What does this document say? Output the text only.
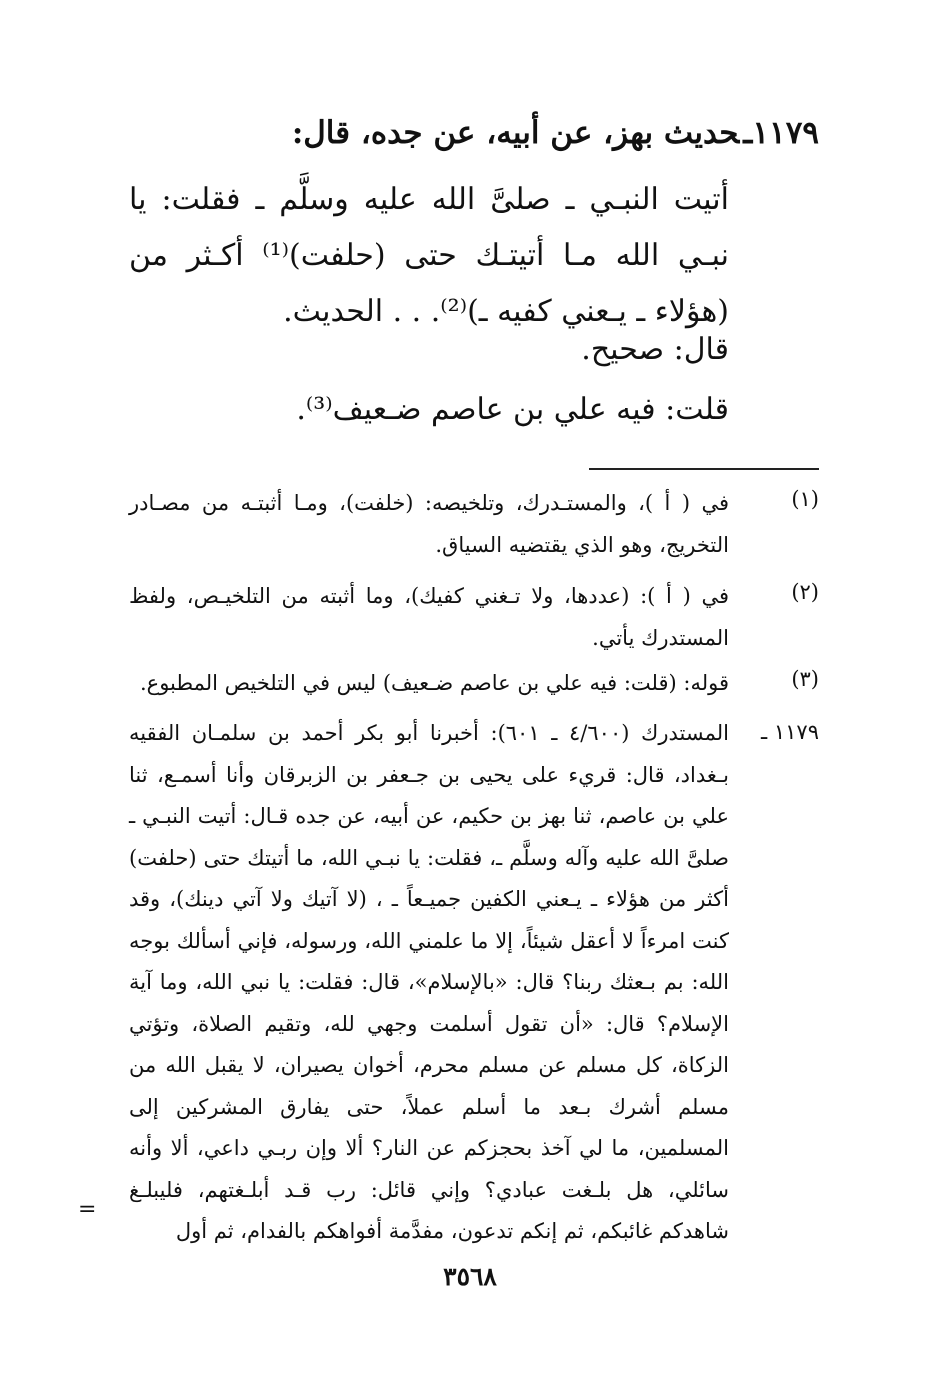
١١٧٩ـحديث بهز، عن أبيه، عن جده، قال:
أتيت النبـي ـ صلىَّ الله عليه وسلَّم ـ فقلت: يا نبـي الله مـا أتيتـك حتى (حلفت)⁽¹⁾ أكـثر من (هؤلاء ـ يـعني كفيه ـ)⁽²⁾. . . الحديث.
قال: صحيح.
قلت: فيه علي بن عاصم ضـعيف⁽³⁾.
(١)
في ( أ )، والمستـدرك، وتلخيصه: (خلفت)، ومـا أثبتـه من مصـادر التخريج، وهو الذي يقتضيه السياق.
(٢)
في ( أ ): (عددها، ولا تـغني كفيك)، وما أثبته من التلخيـص، ولفظ المستدرك يأتي.
(٣)
قوله: (قلت: فيه علي بن عاصم ضـعيف) ليس في التلخيص المطبوع.
١١٧٩ ـ
المستدرك (٤/٦٠٠ ـ ٦٠١): أخبرنا أبو بكر أحمد بن سلمـان الفقيه بـغداد، قال: قريء على يحيى بن جـعفر بن الزبرقان وأنا أسمـع، ثنا علي بن عاصم، ثنا بهز بن حكيم، عن أبيه، عن جده قـال: أتيت النبـي ـ صلىَّ الله عليه وآله وسلَّم ـ، فقلت: يا نبـي الله، ما أتيتك حتى (حلفت) أكثر من هؤلاء ـ يـعني الكفين جميـعاً ـ ، (لا آتيك ولا آتي دينك)، وقد كنت امرءاً لا أعقل شيئاً، إلا ما علمني الله، ورسوله، فإني أسألك بوجه الله: بم بـعثك ربنا؟ قال: «بالإسلام»، قال: فقلت: يا نبي الله، وما آية الإسلام؟ قال: «أن تقول أسلمت وجهي لله، وتقيم الصلاة، وتؤتي الزكاة، كل مسلم عن مسلم محرم، أخوان يصيران، لا يقبل الله من مسلم أشرك بـعد ما أسلم عملاً، حتى يفارق المشركين إلى المسلمين، ما لي آخذ بحجزكم عن النار؟ ألا وإن ربـي داعي، ألا وأنه سائلي، هل بلـغت عبادي؟ وإني قائل: رب قـد أبلـغتهم، فليبلـغ شاهدكم غائبكم، ثم إنكم تدعون، مفدَّمة أفواهكم بالفدام، ثم أول
=
٣٥٦٨
